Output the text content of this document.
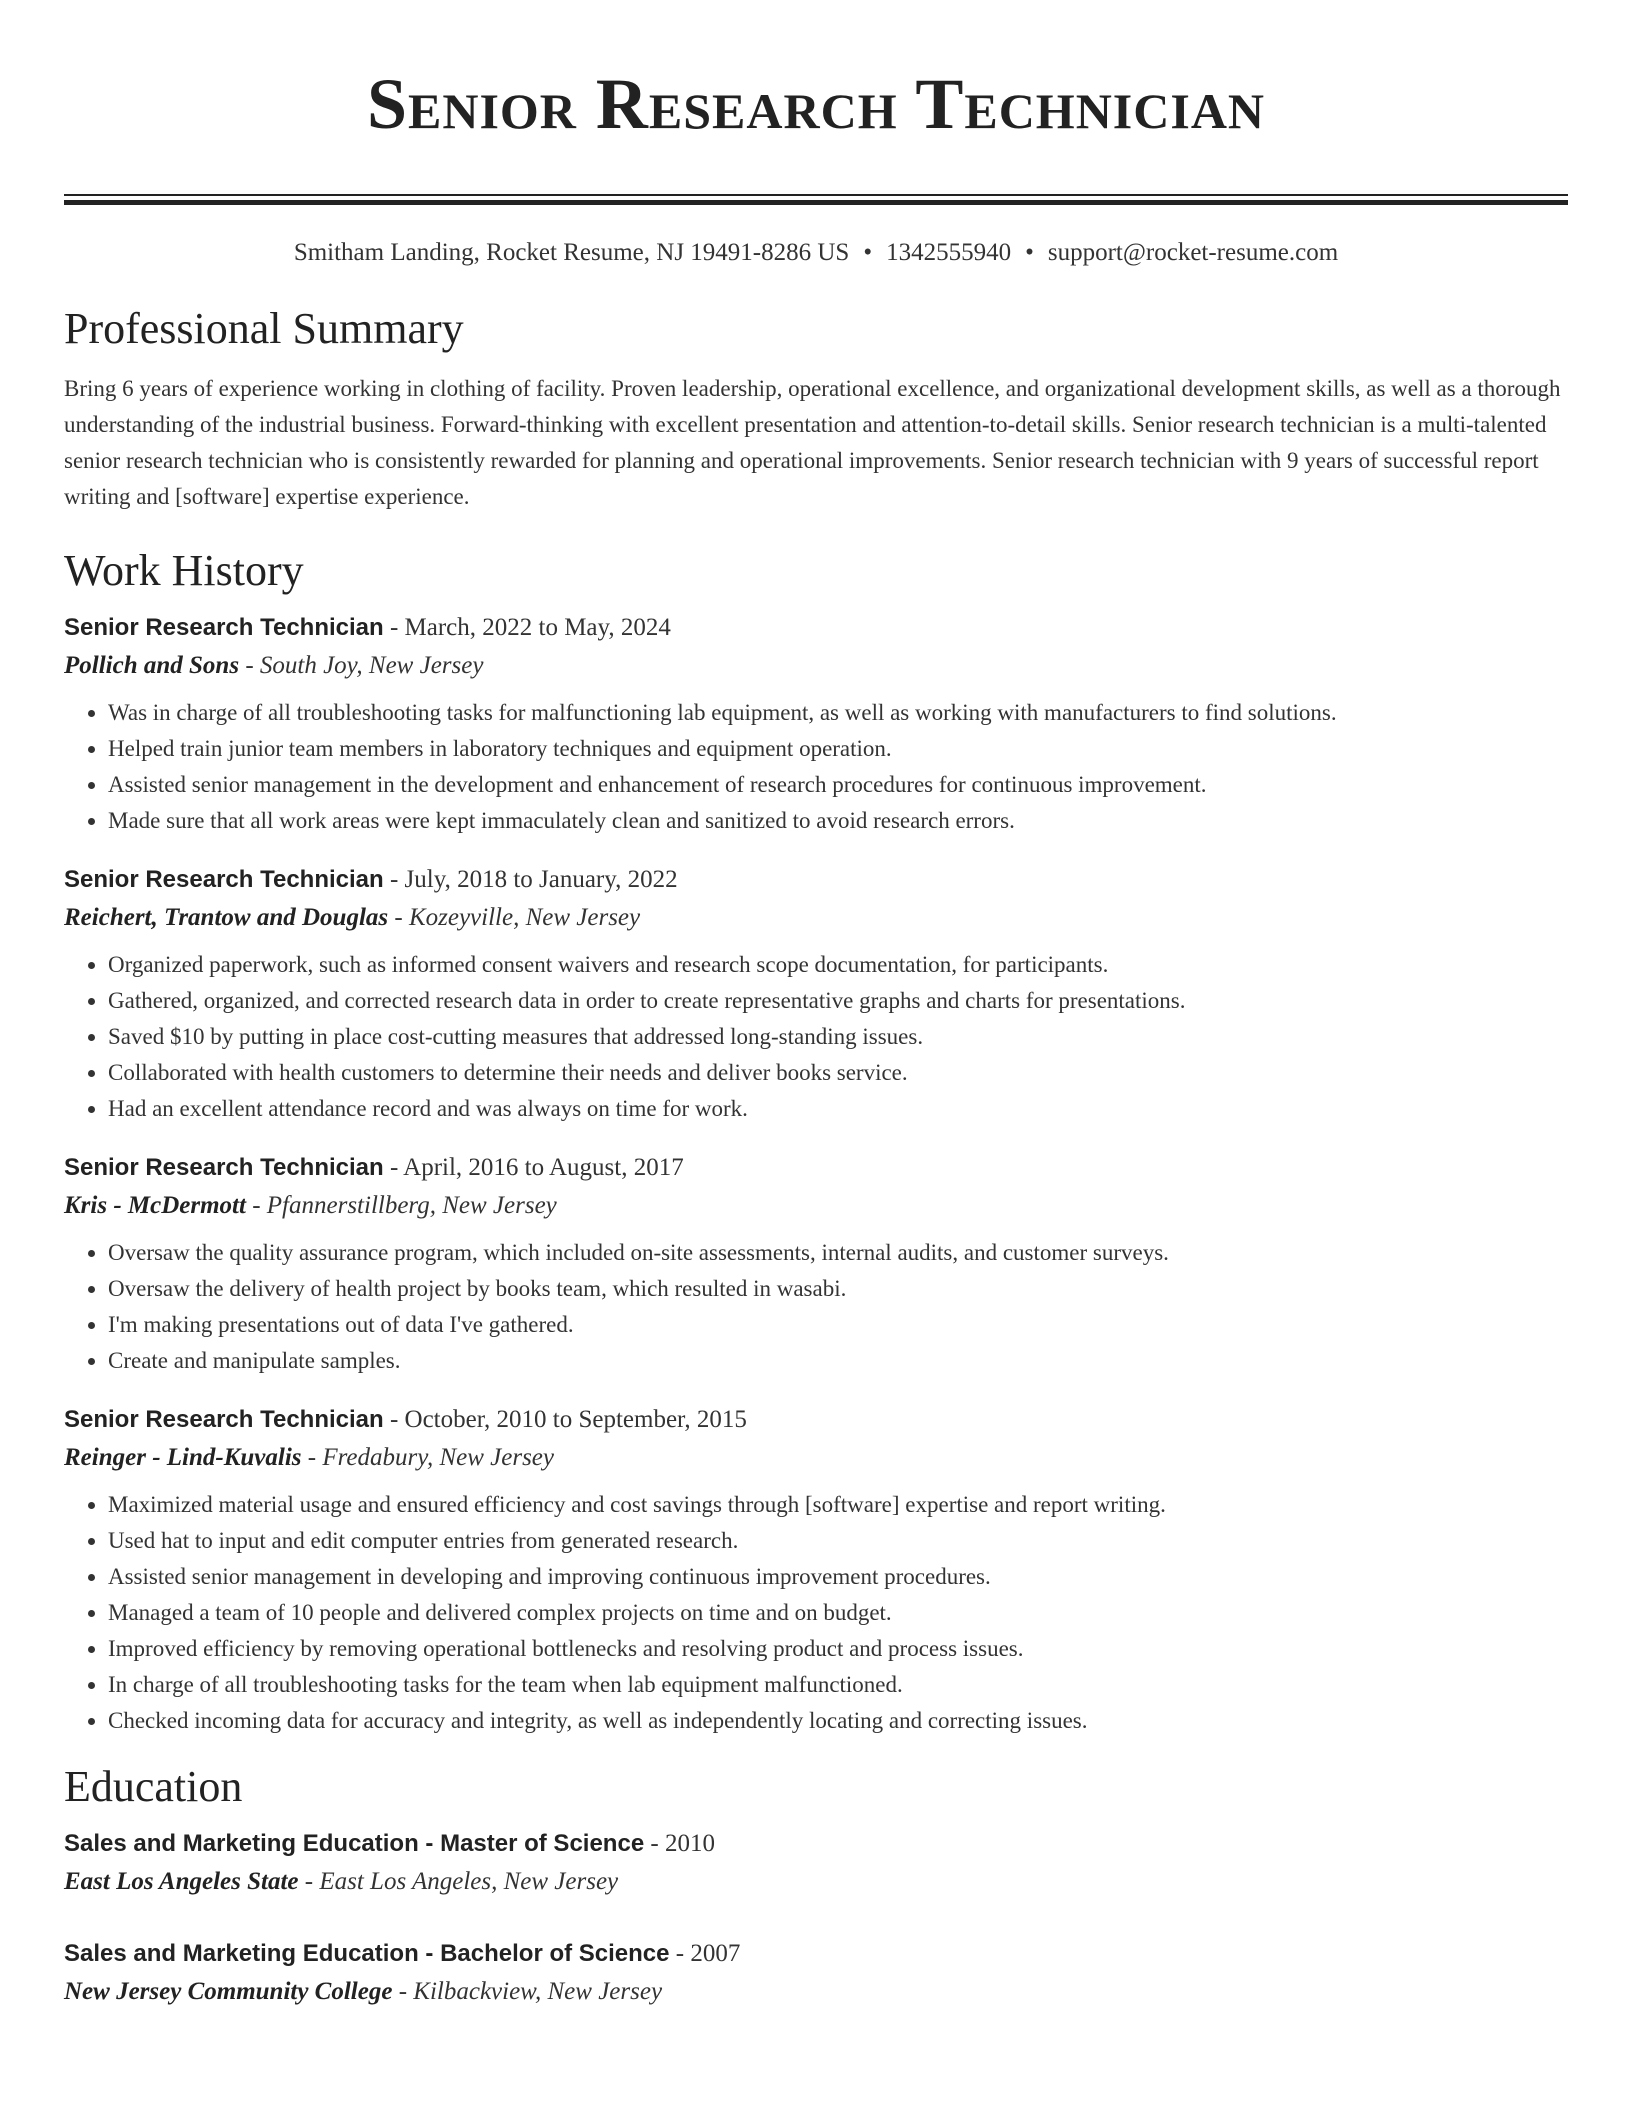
Senior Research Technician
Smitham Landing, Rocket Resume, NJ 19491-8286 US • 1342555940 • support@rocket-resume.com
Professional Summary
Bring 6 years of experience working in clothing of facility. Proven leadership, operational excellence, and organizational development skills, as well as a thorough understanding of the industrial business. Forward-thinking with excellent presentation and attention-to-detail skills. Senior research technician is a multi-talented senior research technician who is consistently rewarded for planning and operational improvements. Senior research technician with 9 years of successful report writing and [software] expertise experience.
Work History
Senior Research Technician - March, 2022 to May, 2024
Pollich and Sons - South Joy, New Jersey
• Was in charge of all troubleshooting tasks for malfunctioning lab equipment, as well as working with manufacturers to find solutions.
• Helped train junior team members in laboratory techniques and equipment operation.
• Assisted senior management in the development and enhancement of research procedures for continuous improvement.
• Made sure that all work areas were kept immaculately clean and sanitized to avoid research errors.
Senior Research Technician - July, 2018 to January, 2022
Reichert, Trantow and Douglas - Kozeyville, New Jersey
• Organized paperwork, such as informed consent waivers and research scope documentation, for participants.
• Gathered, organized, and corrected research data in order to create representative graphs and charts for presentations.
• Saved $10 by putting in place cost-cutting measures that addressed long-standing issues.
• Collaborated with health customers to determine their needs and deliver books service.
• Had an excellent attendance record and was always on time for work.
Senior Research Technician - April, 2016 to August, 2017
Kris - McDermott - Pfannerstillberg, New Jersey
• Oversaw the quality assurance program, which included on-site assessments, internal audits, and customer surveys.
• Oversaw the delivery of health project by books team, which resulted in wasabi.
• I'm making presentations out of data I've gathered.
• Create and manipulate samples.
Senior Research Technician - October, 2010 to September, 2015
Reinger - Lind-Kuvalis - Fredabury, New Jersey
• Maximized material usage and ensured efficiency and cost savings through [software] expertise and report writing.
• Used hat to input and edit computer entries from generated research.
• Assisted senior management in developing and improving continuous improvement procedures.
• Managed a team of 10 people and delivered complex projects on time and on budget.
• Improved efficiency by removing operational bottlenecks and resolving product and process issues.
• In charge of all troubleshooting tasks for the team when lab equipment malfunctioned.
• Checked incoming data for accuracy and integrity, as well as independently locating and correcting issues.
Education
Sales and Marketing Education - Master of Science - 2010
East Los Angeles State - East Los Angeles, New Jersey
Sales and Marketing Education - Bachelor of Science - 2007
New Jersey Community College - Kilbackview, New Jersey
